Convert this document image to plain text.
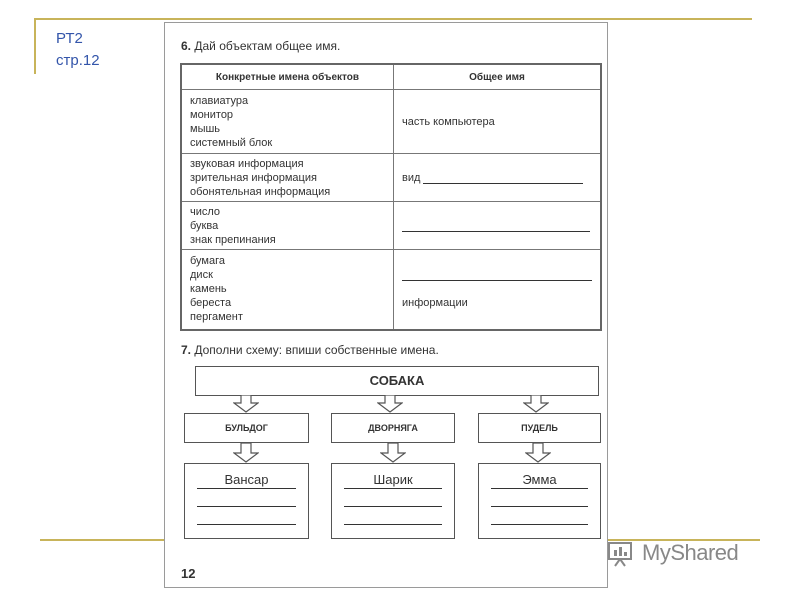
РТ2
стр.12
6. Дай объектам общее имя.
Конкретные имена объектов	Общее имя

клавиатура
монитор
мышь
системный блок	часть компьютера

звуковая информация
зрительная информация
обонятельная информация	вид

число
буква
знак препинания	

бумага
диск
камень
береста
пергамент	информации
7. Дополни схему: впиши собственные имена.
СОБАКА
БУЛЬДОГ	ДВОРНЯГА	ПУДЕЛЬ
Вансар	Шарик	Эмма
12
MyShared
